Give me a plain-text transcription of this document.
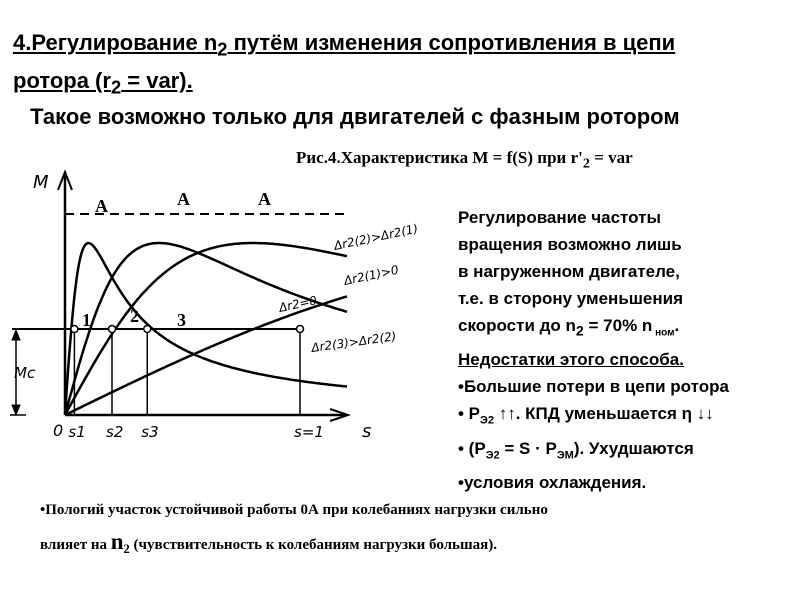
4.Регулирование $n_2$ путём изменения сопротивления в цепи
ротора $(r_2 = var)$.
Такое возможно только для двигателей с фазным ротором
Рис.4.Характеристика M = f(S) при $r'_2$ = var
s1 s2 s3	s=1
M
s
Mc
0
A	A	A
1 2 3
Δr2(2)>Δr2(1)
Δr2(1)>0
Δr2=0
Δr2(3)>Δr2(2)
Регулирование частоты
вращения возможно лишь
в нагруженном двигателе,
т.е. в сторону уменьшения
скорости до $n_2 = 70\%$ n $_{ном}$.
Недостатки этого способа.
•Большие потери в цепи ротора
• $P_{Э2}$ ↑↑. КПД уменьшается η ↓↓
• $(P_{Э2} = S \cdot P_{ЭМ})$. Ухудшаются
•условия охлаждения.
•Пологий участок устойчивой работы 0А при колебаниях нагрузки сильно
влияет на $n_2$ (чувствительность к колебаниям нагрузки большая).
